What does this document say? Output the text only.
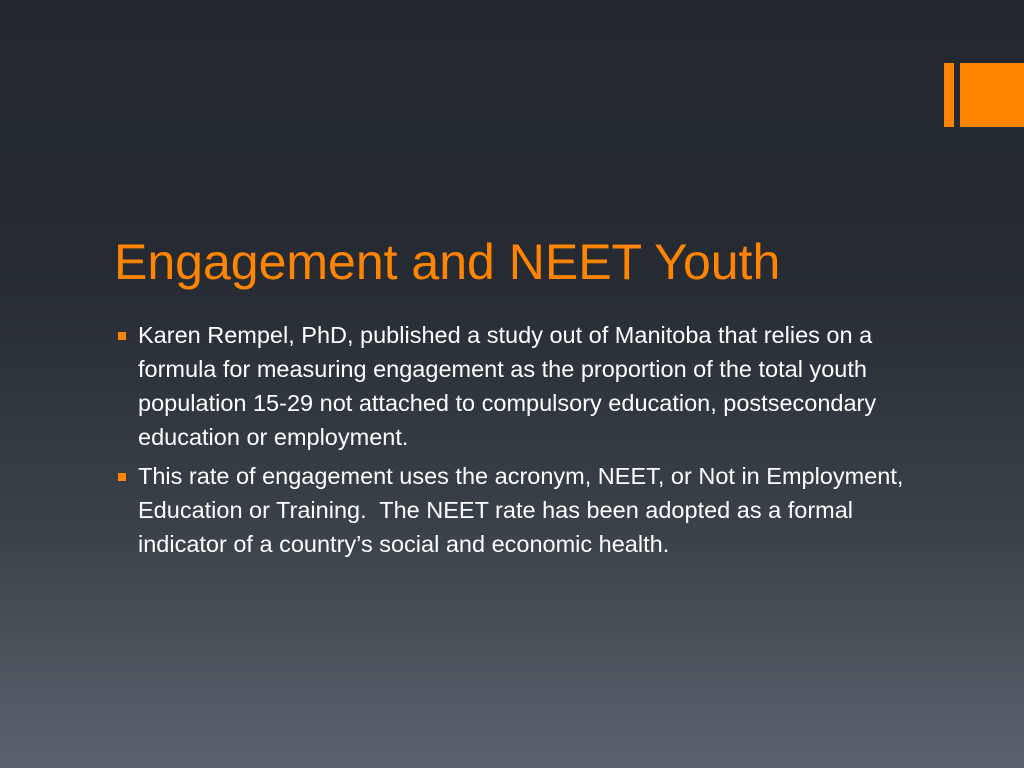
Engagement and NEET Youth
Karen Rempel, PhD, published a study out of Manitoba that relies on a formula for measuring engagement as the proportion of the total youth population 15-29 not attached to compulsory education, postsecondary education or employment.
This rate of engagement uses the acronym, NEET, or Not in Employment, Education or Training.  The NEET rate has been adopted as a formal indicator of a country’s social and economic health.
